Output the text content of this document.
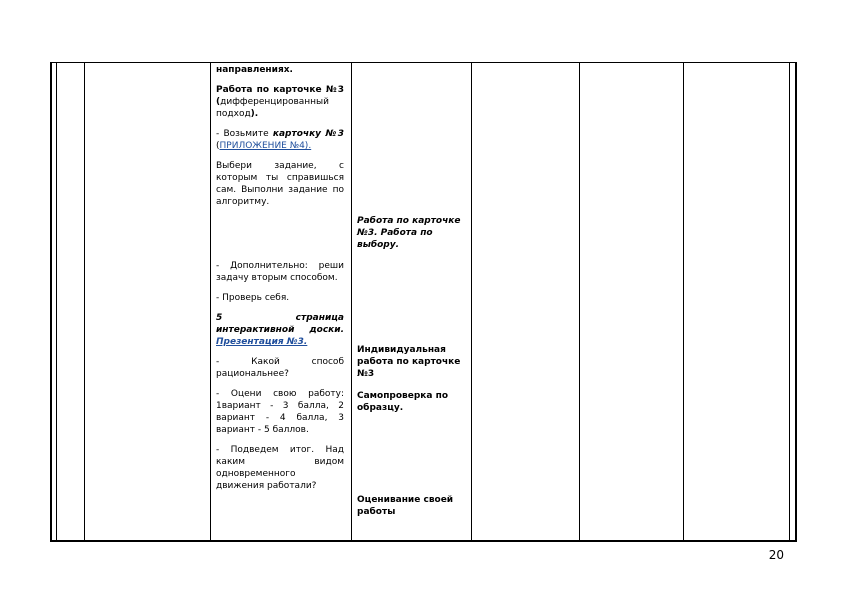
направлениях.

Работа по карточке №3 (дифференцированный подход).

- Возьмите карточку №3 (ПРИЛОЖЕНИЕ №4).

Выбери задание, с которым ты справишься сам. Выполни задание по алгоритму.

- Дополнительно: реши задачу вторым способом.

- Проверь себя.

5 страница интерактивной доски. Презентация №3.

- Какой способ рациональнее?

- Оцени свою работу: 1вариант - 3 балла, 2 вариант - 4 балла, 3 вариант - 5 баллов.

- Подведем итог. Над каким видом одновременного движения работали?

Работа по карточке №3. Работа по выбору.
Индивидуальная работа по карточке №3
Самопроверка по образцу.
Оценивание своей работы
20
